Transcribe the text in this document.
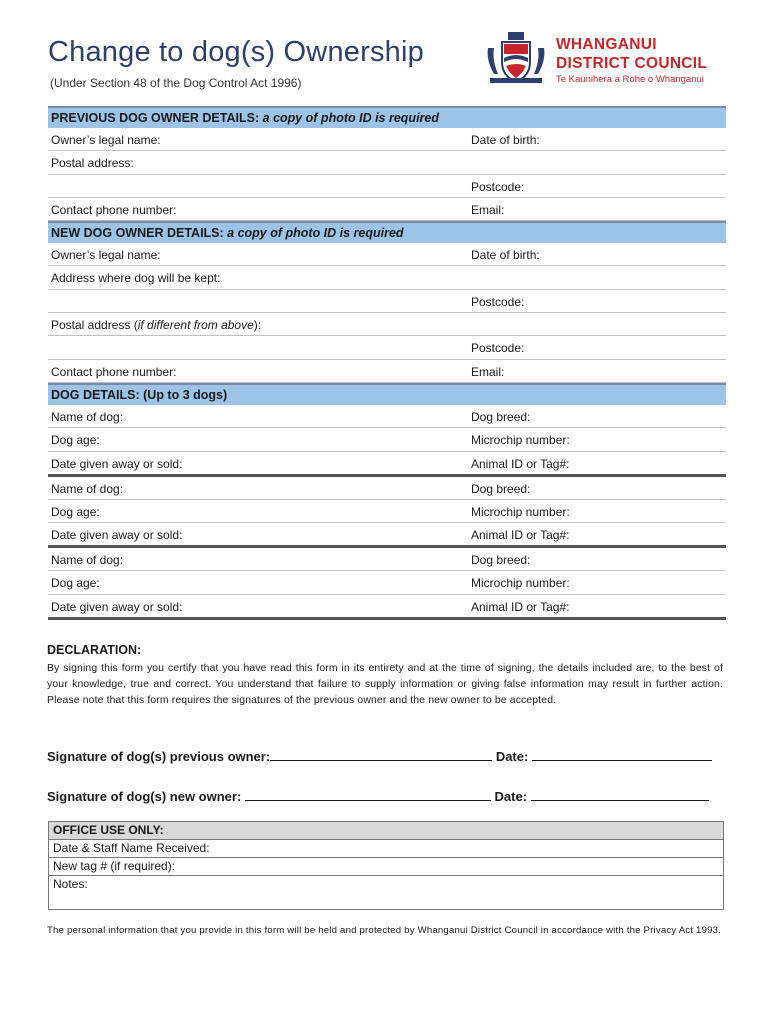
Change to dog(s) Ownership
(Under Section 48 of the Dog Control Act 1996)
WHANGANUI
DISTRICT COUNCIL
Te Kaunihera a Rohe o Whanganui
PREVIOUS DOG OWNER DETAILS: a copy of photo ID is required
Owner’s legal name:	Date of birth:
Postal address:
Postcode:
Contact phone number:	Email:
NEW DOG OWNER DETAILS: a copy of photo ID is required
Owner’s legal name:	Date of birth:
Address where dog will be kept:
Postcode:
Postal address (if different from above):
Postcode:
Contact phone number:	Email:
DOG DETAILS: (Up to 3 dogs)
Name of dog:	Dog breed:
Dog age:	Microchip number:
Date given away or sold:	Animal ID or Tag#:
Name of dog:	Dog breed:
Dog age:	Microchip number:
Date given away or sold:	Animal ID or Tag#:
Name of dog:	Dog breed:
Dog age:	Microchip number:
Date given away or sold:	Animal ID or Tag#:
DECLARATION:
By signing this form you certify that you have read this form in its entirety and at the time of signing, the details included are, to the best of your knowledge, true and correct. You understand that failure to supply information or giving false information may result in further action. Please note that this form requires the signatures of the previous owner and the new owner to be accepted.
Signature of dog(s) previous owner:	Date:
Signature of dog(s) new owner:	Date:
OFFICE USE ONLY:
Date & Staff Name Received:
New tag # (if required):
Notes:
The personal information that you provide in this form will be held and protected by Whanganui District Council in accordance with the Privacy Act 1993.
